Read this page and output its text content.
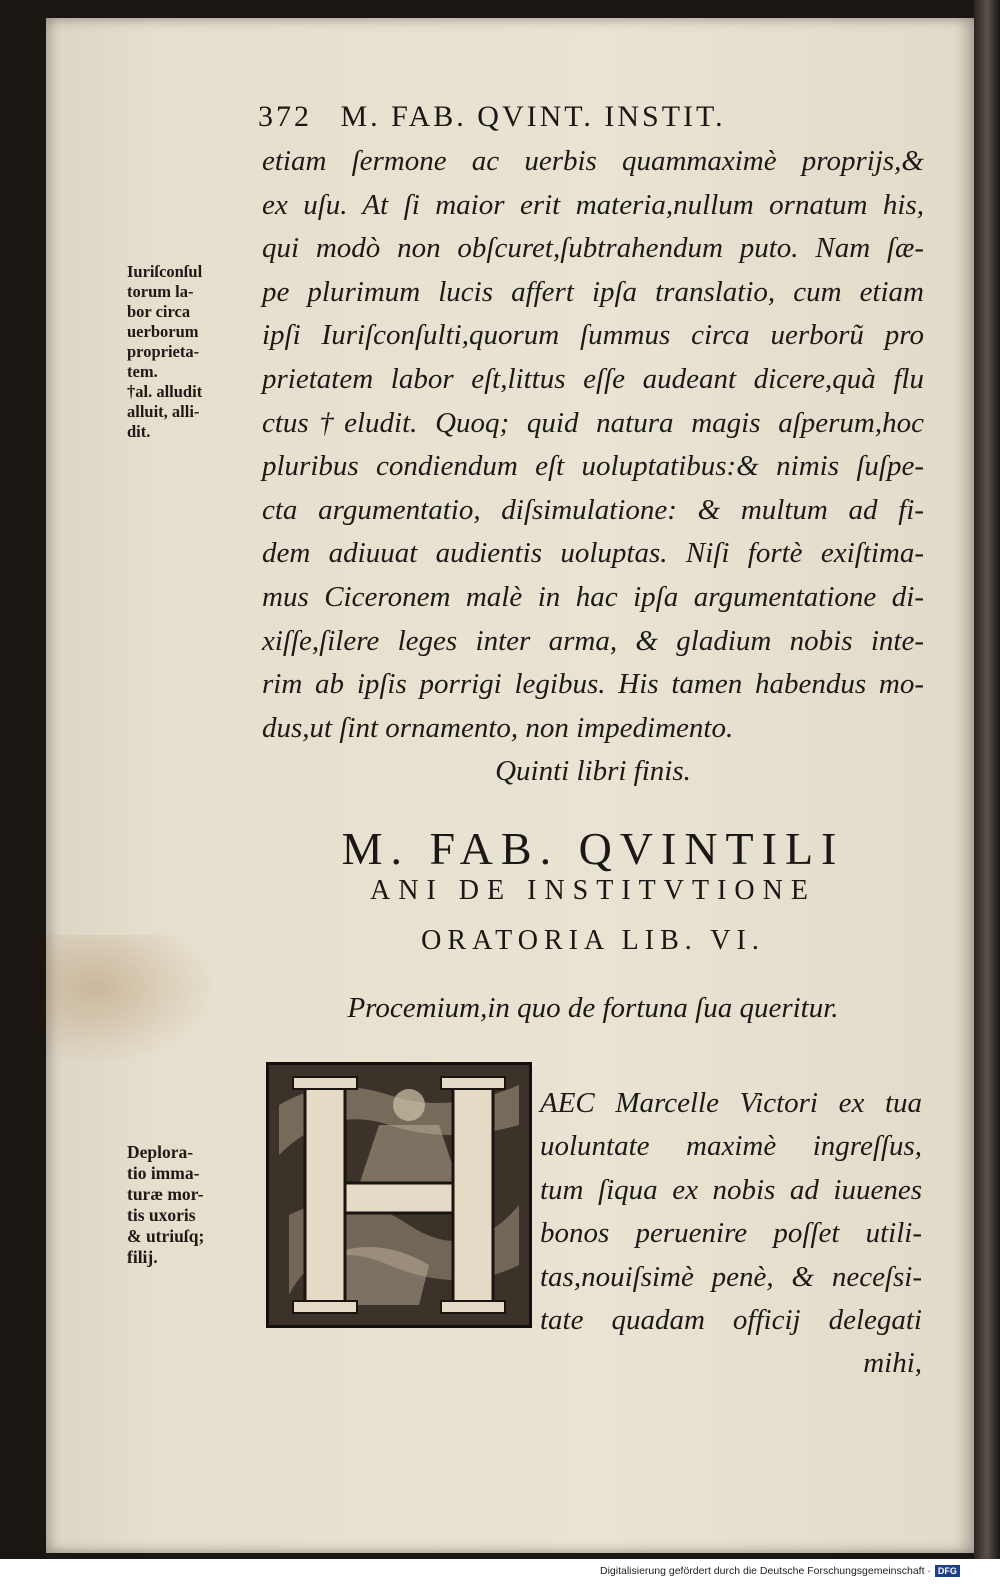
372 M. FAB. QVINT. INSTIT.
etiam ſermone ac uerbis quammaximè proprijs,&
ex uſu. At ſi maior erit materia,nullum ornatum his,
qui modò non obſcuret,ſubtrahendum puto. Nam ſæ-
pe plurimum lucis affert ipſa translatio, cum etiam
ipſi Iuriſconſulti,quorum ſummus circa uerborũ pro
prietatem labor eſt,littus eſſe audeant dicere,quà flu
ctus†eludit. Quoq; quid natura magis aſperum,hoc
pluribus condiendum eſt uoluptatibus:& nimis ſuſpe-
cta argumentatio, diſsimulatione: & multum ad fi-
dem adiuuat audientis uoluptas. Niſi fortè exiſtima-
mus Ciceronem malè in hac ipſa argumentatione di-
xiſſe,ſilere leges inter arma, & gladium nobis inte-
rim ab ipſis porrigi legibus. His tamen habendus mo-
dus,ut ſint ornamento, non impedimento.
Quinti libri finis.
Iuriſconſul
torum la-
bor circa
uerborum
proprieta-
tem.
†al. alludit
alluit, alli-
dit.
M. FAB. QVINTILI
ANI DE INSTITVTIONE
ORATORIA LIB. VI.
Procemium,in quo de fortuna ſua queritur.
AEC Marcelle Victori ex tua
uoluntate maximè ingreſſus,
tum ſiqua ex nobis ad iuuenes
bonos peruenire poſſet utili-
tas,nouiſsimè penè, & neceſsi-
tate quadam officij delegati
mihi,
Deplora-
tio imma-
turæ mor-
tis uxoris
& utriuſq;
filij.
Digitalisierung gefördert durch die Deutsche Forschungsgemeinschaft · DFG
